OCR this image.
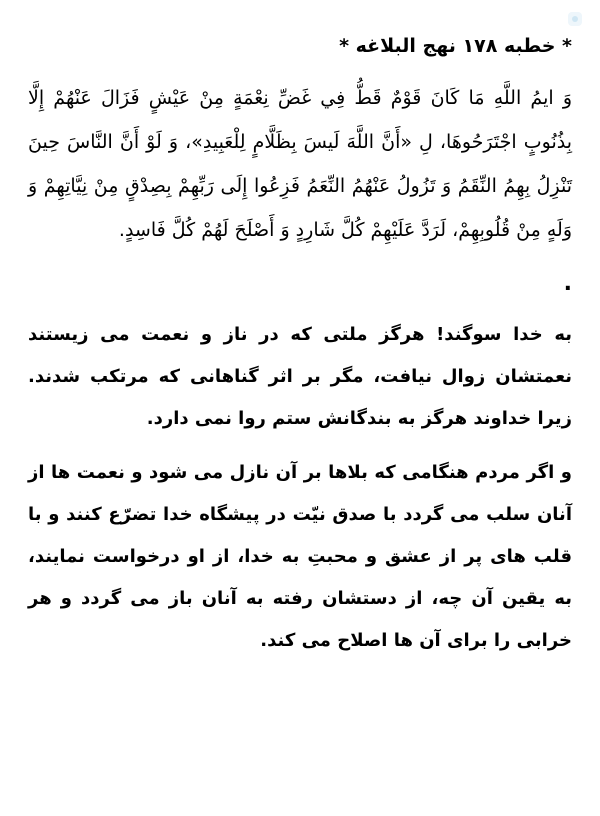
* خطبه ۱۷۸ نهج البلاغه *

وَ ايمُ اللَّهِ مَا كَانَ قَوْمٌ قَطُّ فِي غَضِّ نِعْمَةٍ مِنْ عَيْشٍ فَزَالَ عَنْهُمْ إِلَّا بِذُنُوبٍ اجْتَرَحُوهَا، لِ «أَنَّ اللَّهَ لَيسَ بِظَلَّامٍ لِلْعَبِيدِ»، وَ لَوْ أَنَّ النَّاسَ حِينَ تَنْزِلُ بِهِمُ النِّقَمُ وَ تَزُولُ عَنْهُمُ النِّعَمُ فَزِعُوا إِلَى رَبِّهِمْ بِصِدْقٍ مِنْ نِيَّاتِهِمْ وَ وَلَهٍ مِنْ قُلُوبِهِمْ، لَرَدَّ عَلَيْهِمْ كُلَّ شَارِدٍ وَ أَصْلَحَ لَهُمْ كُلَّ فَاسِدٍ.

.

به خدا سوگند! هرگز ملتی که در ناز و نعمت می زیستند نعمتشان زوال نیافت، مگر بر اثر گناهانی که مرتکب شدند. زیرا خداوند هرگز به بندگانش ستم روا نمی دارد.

و اگر مردم هنگامی که بلاها بر آن نازل می شود و نعمت ها از آنان سلب می گردد با صدق نیّت در پیشگاه خدا تضرّع کنند و با قلب های پر از عشق و محبتِ به خدا، از او درخواست نمایند، به یقین آن چه، از دستشان رفته به آنان باز می گردد و هر خرابی را برای آن ها اصلاح می کند.
